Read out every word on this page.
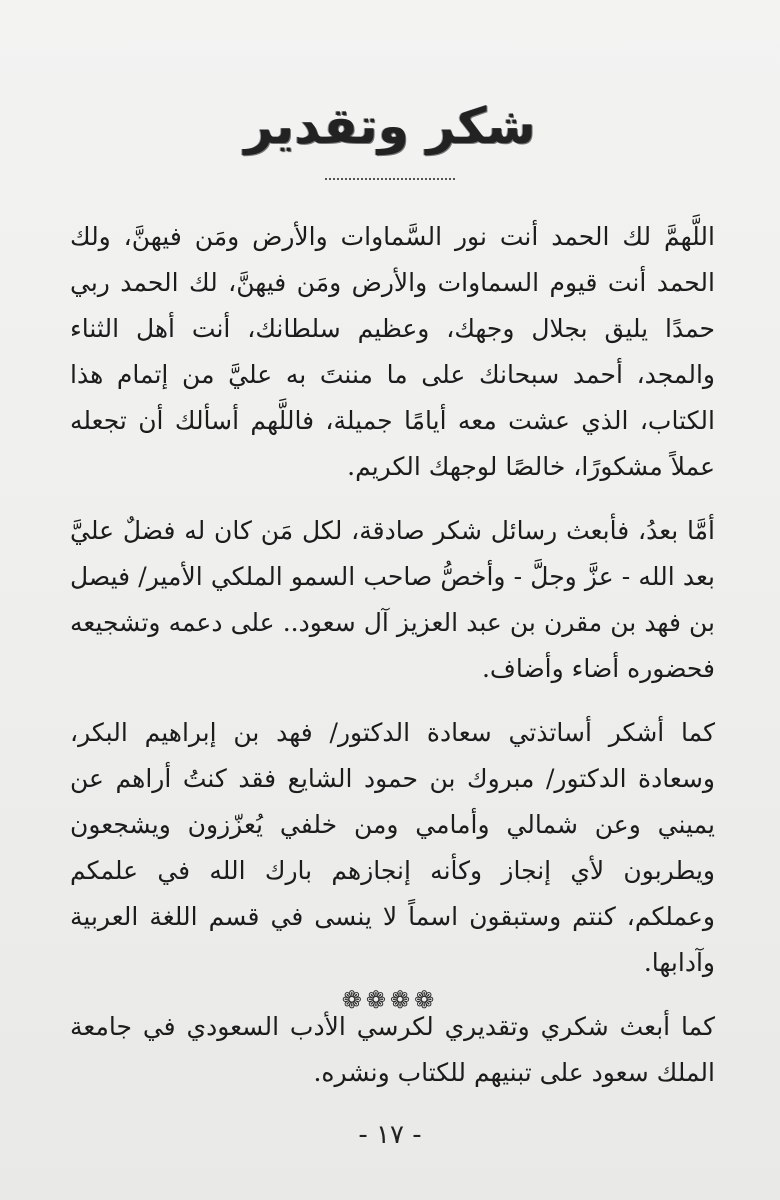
شكر وتقدير

اللَّهمَّ لك الحمد أنت نور السَّماوات والأرض ومَن فيهنَّ، ولك الحمد أنت قيوم السماوات والأرض ومَن فيهنَّ، لك الحمد ربي حمدًا يليق بجلال وجهك، وعظيم سلطانك، أنت أهل الثناء والمجد، أحمد سبحانك على ما مننتَ به عليَّ من إتمام هذا الكتاب، الذي عشت معه أيامًا جميلة، فاللَّهم أسألك أن تجعله عملاً مشكورًا، خالصًا لوجهك الكريم.

أمَّا بعدُ، فأبعث رسائل شكر صادقة، لكل مَن كان له فضلٌ عليَّ بعد الله - عزَّ وجلَّ - وأخصُّ صاحب السمو الملكي الأمير/ فيصل بن فهد بن مقرن بن عبد العزيز آل سعود.. على دعمه وتشجيعه فحضوره أضاء وأضاف.

كما أشكر أساتذتي سعادة الدكتور/ فهد بن إبراهيم البكر، وسعادة الدكتور/ مبروك بن حمود الشايع فقد كنتُ أراهم عن يميني وعن شمالي وأمامي ومن خلفي يُعزّزون ويشجعون ويطربون لأي إنجاز وكأنه إنجازهم بارك الله في علمكم وعملكم، كنتم وستبقون اسماً لا ينسى في قسم اللغة العربية وآدابها.

كما أبعث شكري وتقديري لكرسي الأدب السعودي في جامعة الملك سعود على تبنيهم للكتاب ونشره.

❁❁❁❁
- ١٧ -
